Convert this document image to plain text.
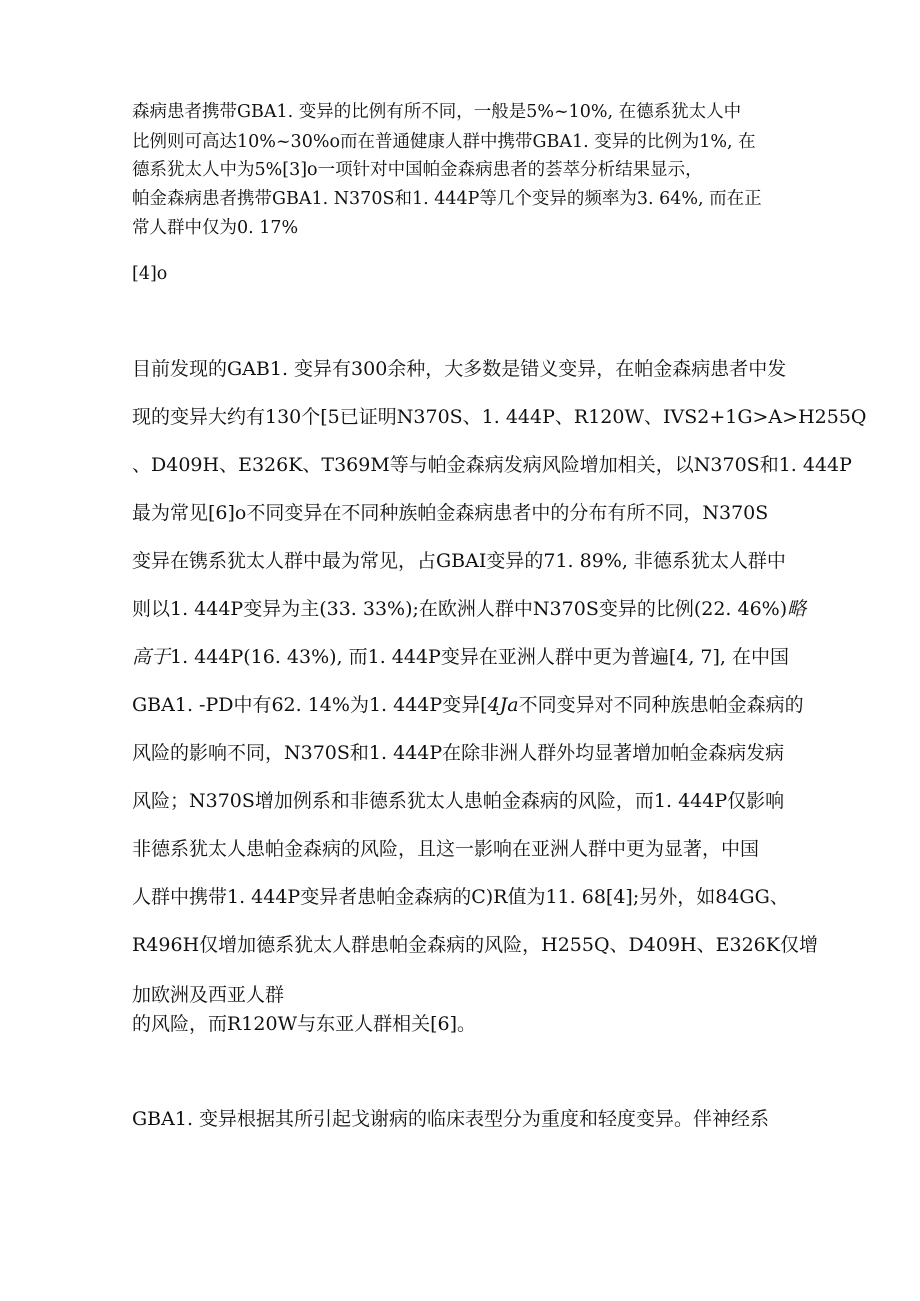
森病患者携带GBA1. 变异的比例有所不同，一般是5%~10%, 在德系犹太人中
比例则可高达10%~30%o而在普通健康人群中携带GBA1. 变异的比例为1%, 在
德系犹太人中为5%[3]o一项针对中国帕金森病患者的荟萃分析结果显示，
帕金森病患者携带GBA1. N370S和1. 444P等几个变异的频率为3. 64%, 而在正
常人群中仅为0. 17%
[4]o
目前发现的GAB1. 变异有300余种，大多数是错义变异，在帕金森病患者中发
现的变异大约有130个[5已证明N370S、1. 444P、R120W、IVS2+1G>A>H255Q
、D409H、E326K、T369M等与帕金森病发病风险增加相关，以N370S和1. 444P
最为常见[6]o不同变异在不同种族帕金森病患者中的分布有所不同，N370S
变异在镌系犹太人群中最为常见，占GBAI变异的71. 89%, 非德系犹太人群中
则以1. 444P变异为主(33. 33%);在欧洲人群中N370S变异的比例(22. 46%)略
高于1. 444P(16. 43%), 而1. 444P变异在亚洲人群中更为普遍[4, 7], 在中国
GBA1. -PD中有62. 14%为1. 444P变异[4Ja不同变异对不同种族患帕金森病的
风险的影响不同，N370S和1. 444P在除非洲人群外均显著增加帕金森病发病
风险；N370S增加例系和非德系犹太人患帕金森病的风险，而1. 444P仅影响
非德系犹太人患帕金森病的风险，且这一影响在亚洲人群中更为显著，中国
人群中携带1. 444P变异者患帕金森病的C)R值为11. 68[4];另外，如84GG、
R496H仅增加德系犹太人群患帕金森病的风险，H255Q、D409H、E326K仅增
加欧洲及西亚人群
的风险，而R120W与东亚人群相关[6]。
GBA1. 变异根据其所引起戈谢病的临床表型分为重度和轻度变异。伴神经系
